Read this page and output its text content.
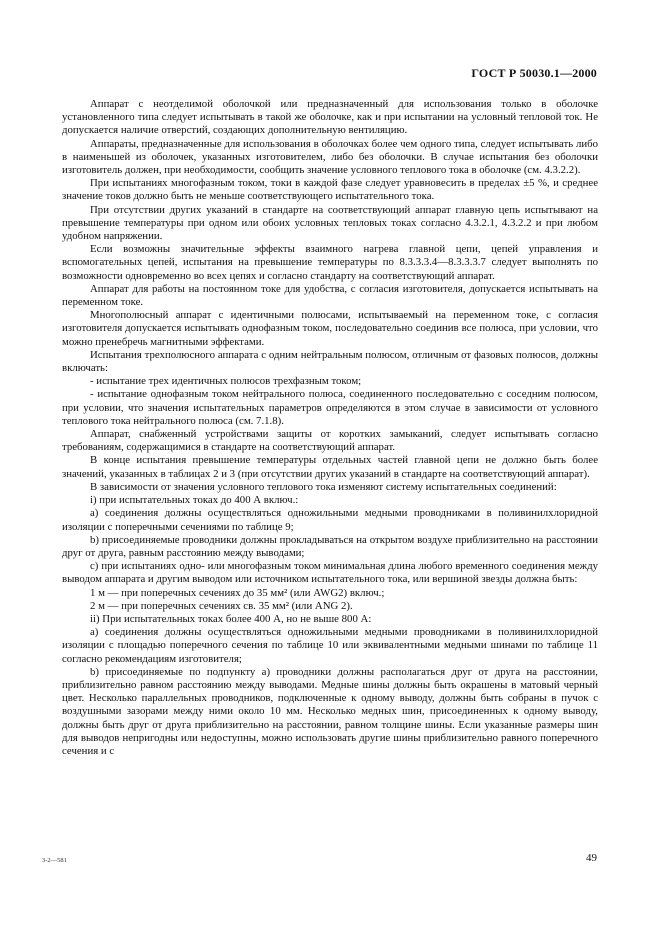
ГОСТ Р 50030.1—2000

Аппарат с неотделимой оболочкой или предназначенный для использования только в оболочке установленного типа следует испытывать в такой же оболочке, как и при испытании на условный тепловой ток. Не допускается наличие отверстий, создающих дополнительную вентиляцию.

Аппараты, предназначенные для использования в оболочках более чем одного типа, следует испытывать либо в наименьшей из оболочек, указанных изготовителем, либо без оболочки. В случае испытания без оболочки изготовитель должен, при необходимости, сообщить значение условного теплового тока в оболочке (см. 4.3.2.2).

При испытаниях многофазным током, токи в каждой фазе следует уравновесить в пределах ±5 %, и среднее значение токов должно быть не меньше соответствующего испытательного тока.

При отсутствии других указаний в стандарте на соответствующий аппарат главную цепь испытывают на превышение температуры при одном или обоих условных тепловых токах согласно 4.3.2.1, 4.3.2.2 и при любом удобном напряжении.

Если возможны значительные эффекты взаимного нагрева главной цепи, цепей управления и вспомогательных цепей, испытания на превышение температуры по 8.3.3.3.4—8.3.3.3.7 следует выполнять по возможности одновременно во всех цепях и согласно стандарту на соответствующий аппарат.

Аппарат для работы на постоянном токе для удобства, с согласия изготовителя, допускается испытывать на переменном токе.

Многополюсный аппарат с идентичными полюсами, испытываемый на переменном токе, с согласия изготовителя допускается испытывать однофазным током, последовательно соединив все полюса, при условии, что можно пренебречь магнитными эффектами.

Испытания трехполюсного аппарата с одним нейтральным полюсом, отличным от фазовых полюсов, должны включать:

- испытание трех идентичных полюсов трехфазным током;

- испытание однофазным током нейтрального полюса, соединенного последовательно с соседним полюсом, при условии, что значения испытательных параметров определяются в этом случае в зависимости от условного теплового тока нейтрального полюса (см. 7.1.8).

Аппарат, снабженный устройствами защиты от коротких замыканий, следует испытывать согласно требованиям, содержащимися в стандарте на соответствующий аппарат.

В конце испытания превышение температуры отдельных частей главной цепи не должно быть более значений, указанных в таблицах 2 и 3 (при отсутствии других указаний в стандарте на соответствующий аппарат).

В зависимости от значения условного теплового тока изменяют систему испытательных соединений:

i) при испытательных токах до 400 А включ.:

а) соединения должны осуществляться одножильными медными проводниками в поливинилхлоридной изоляции с поперечными сечениями по таблице 9;

b) присоединяемые проводники должны прокладываться на открытом воздухе приблизительно на расстоянии друг от друга, равным расстоянию между выводами;

с) при испытаниях одно- или многофазным током минимальная длина любого временного соединения между выводом аппарата и другим выводом или источником испытательного тока, или вершиной звезды должна быть:

1 м — при поперечных сечениях до 35 мм² (или AWG2) включ.;

2 м — при поперечных сечениях св. 35 мм² (или ANG 2).

ii) При испытательных токах более 400 А, но не выше 800 А:

а) соединения должны осуществляться одножильными медными проводниками в поливинилхлоридной изоляции с площадью поперечного сечения по таблице 10 или эквивалентными медными шинами по таблице 11 согласно рекомендациям изготовителя;

b) присоединяемые по подпункту а) проводники должны располагаться друг от друга на расстоянии, приблизительно равном расстоянию между выводами. Медные шины должны быть окрашены в матовый черный цвет. Несколько параллельных проводников, подключенные к одному выводу, должны быть собраны в пучок с воздушными зазорами между ними около 10 мм. Несколько медных шин, присоединенных к одному выводу, должны быть друг от друга приблизительно на расстоянии, равном толщине шины. Если указанные размеры шин для выводов непригодны или недоступны, можно использовать другие шины приблизительно равного поперечного сечения и с

3-2—581	49
